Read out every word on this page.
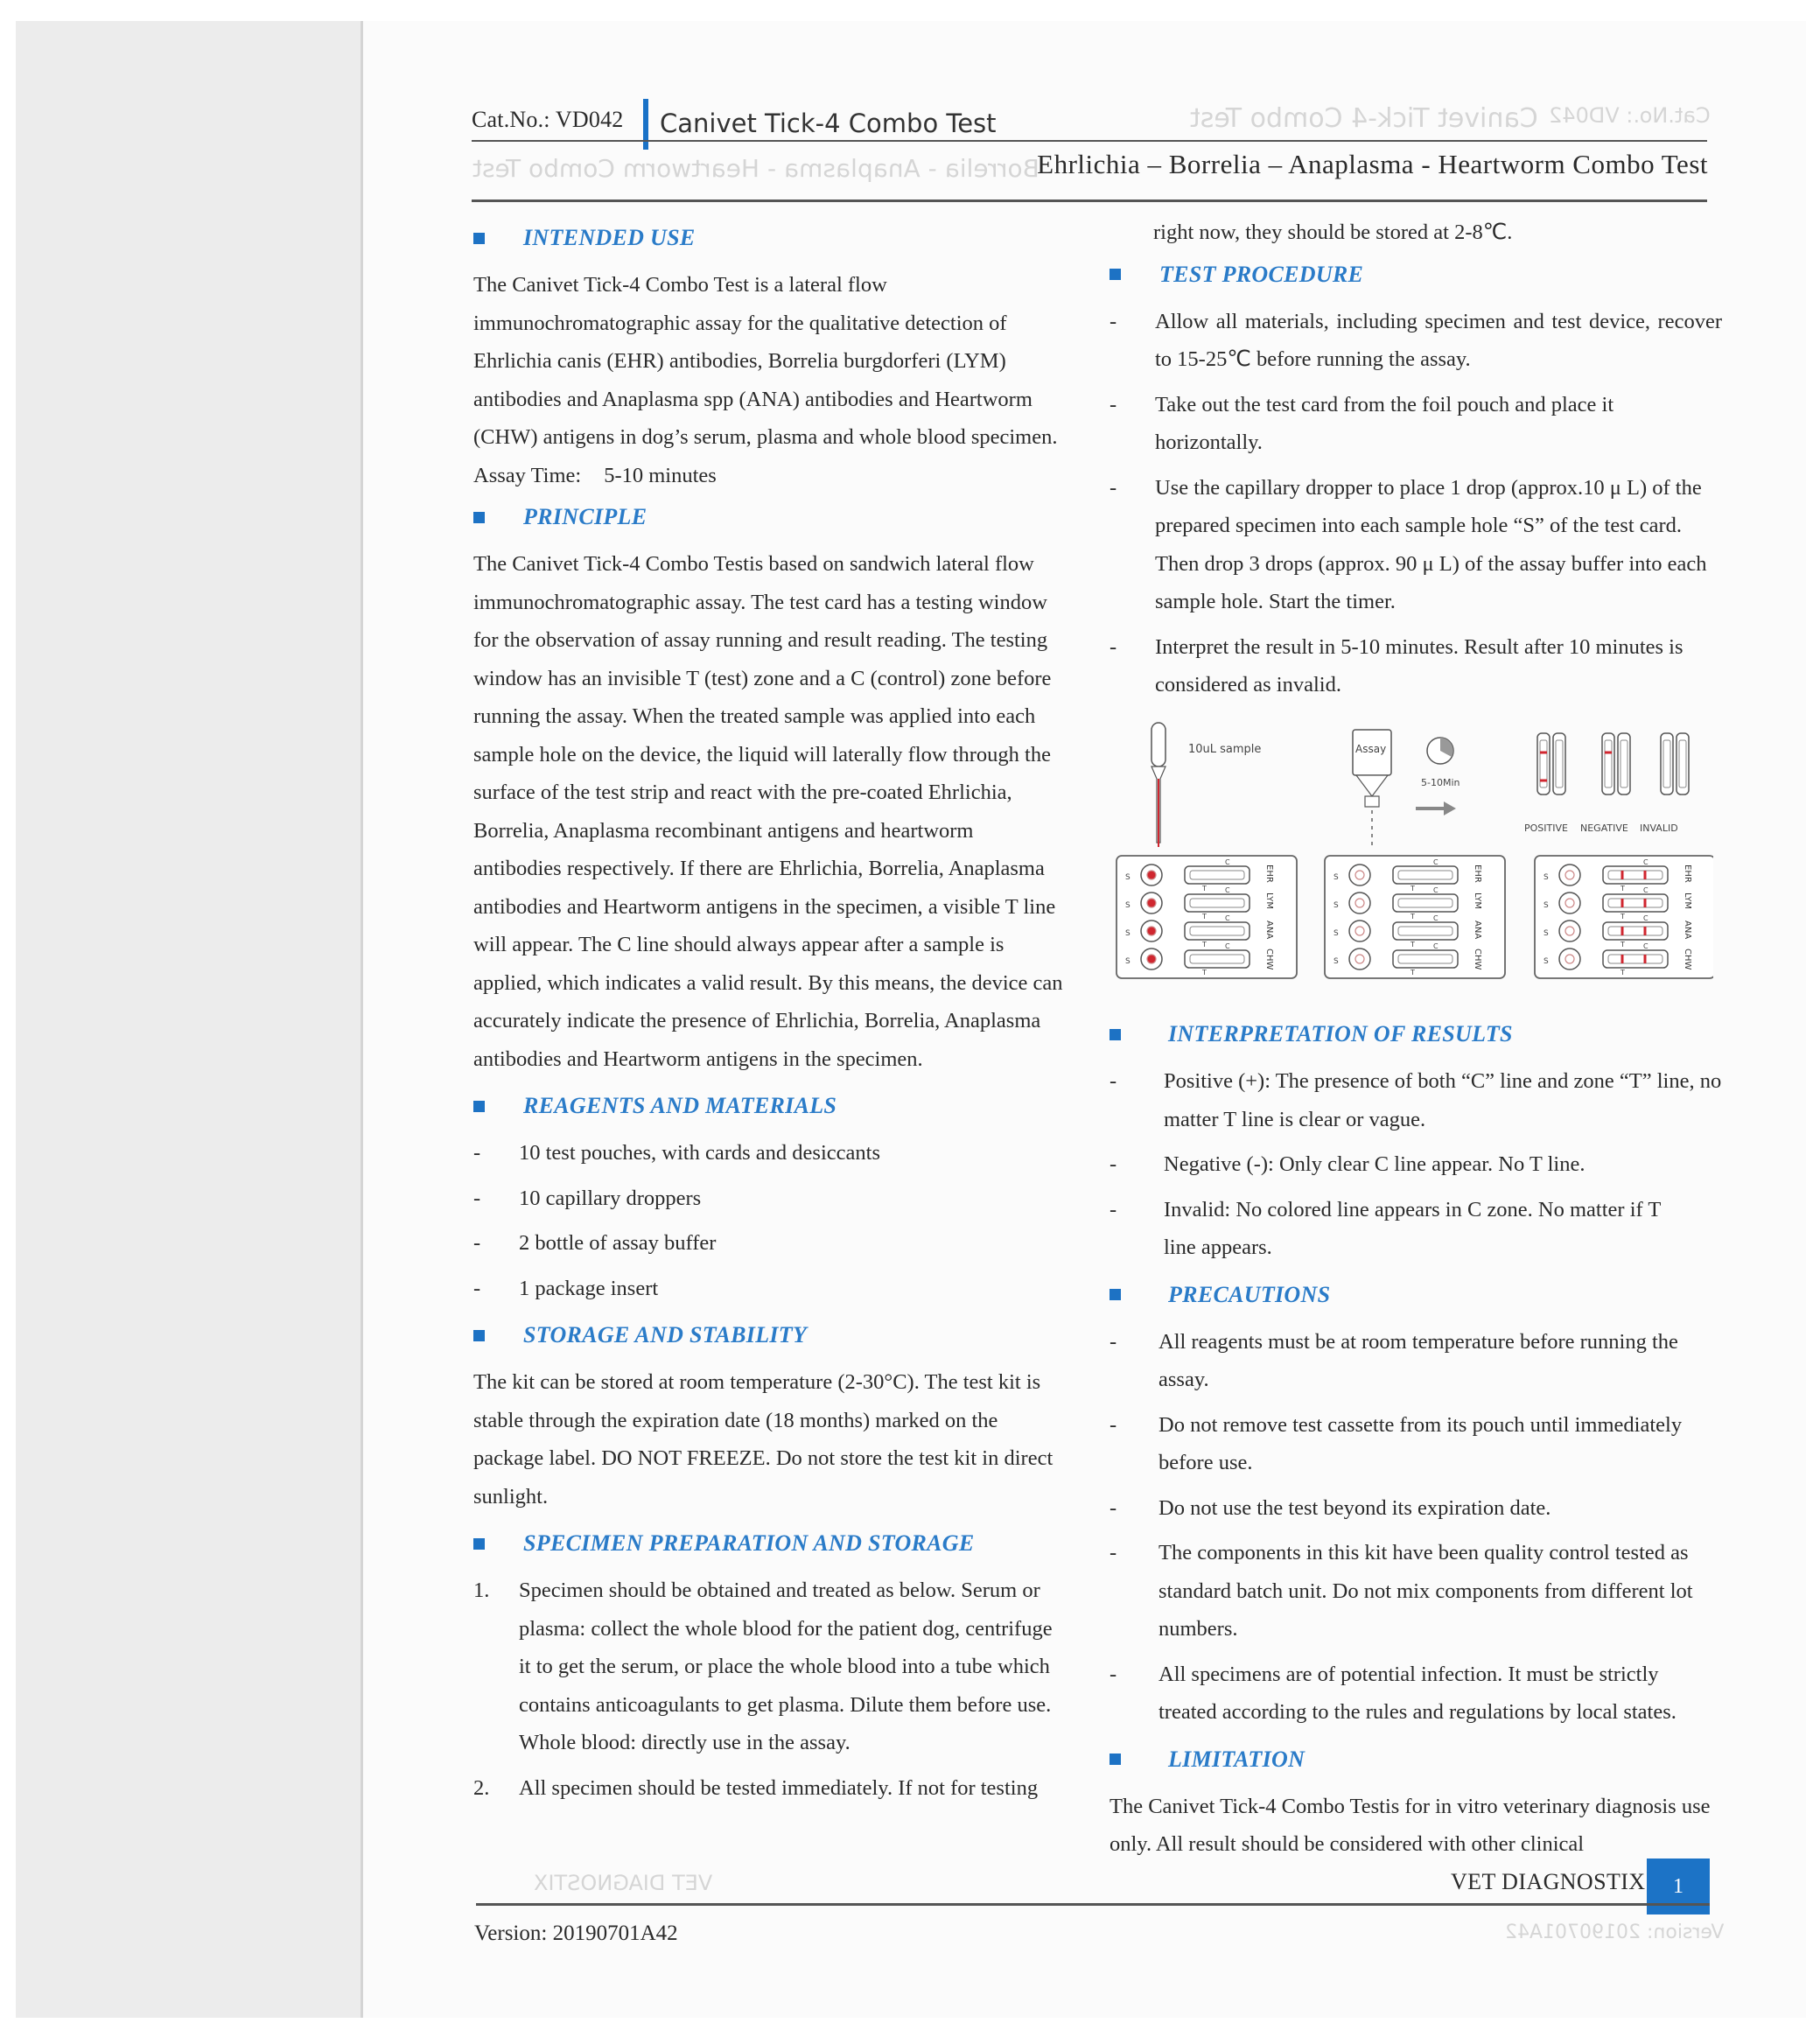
Canivet Tick-4 Combo Test Cat.No.: VD042
Borrelia - Anaplasma - Heartworm Combo Test
Cat.No.: VD042 Canivet Tick-4 Combo Test
Ehrlichia – Borrelia – Anaplasma - Heartworm Combo Test
INTENDED USE

The Canivet Tick-4 Combo Test is a lateral flow immunochromatographic assay for the qualitative detection of Ehrlichia canis (EHR) antibodies, Borrelia burgdorferi (LYM) antibodies and Anaplasma spp (ANA) antibodies and Heartworm (CHW) antigens in dog’s serum, plasma and whole blood specimen.

Assay Time: 5-10 minutes

PRINCIPLE

The Canivet Tick-4 Combo Testis based on sandwich lateral flow immunochromatographic assay. The test card has a testing window for the observation of assay running and result reading. The testing window has an invisible T (test) zone and a C (control) zone before running the assay. When the treated sample was applied into each sample hole on the device, the liquid will laterally flow through the surface of the test strip and react with the pre-coated Ehrlichia, Borrelia, Anaplasma recombinant antigens and heartworm antibodies respectively. If there are Ehrlichia, Borrelia, Anaplasma antibodies and Heartworm antigens in the specimen, a visible T line will appear. The C line should always appear after a sample is applied, which indicates a valid result. By this means, the device can accurately indicate the presence of Ehrlichia, Borrelia, Anaplasma antibodies and Heartworm antigens in the specimen.

REAGENTS AND MATERIALS
-	10 test pouches, with cards and desiccants
-	10 capillary droppers
-	2 bottle of assay buffer
-	1 package insert
STORAGE AND STABILITY

The kit can be stored at room temperature (2-30°C). The test kit is stable through the expiration date (18 months) marked on the package label. DO NOT FREEZE. Do not store the test kit in direct sunlight.

SPECIMEN PREPARATION AND STORAGE
1.	Specimen should be obtained and treated as below. Serum or plasma: collect the whole blood for the patient dog, centrifuge it to get the serum, or place the whole blood into a tube which contains anticoagulants to get plasma. Dilute them before use. Whole blood: directly use in the assay.
2.	All specimen should be tested immediately. If not for testing

right now, they should be stored at 2-8℃.

TEST PROCEDURE
-	Allow all materials, including specimen and test device, recover to 15-25℃ before running the assay.
-	Take out the test card from the foil pouch and place it horizontally.
-	Use the capillary dropper to place 1 drop (approx.10 μ L) of the prepared specimen into each sample hole “S” of the test card. Then drop 3 drops (approx. 90 μ L) of the assay buffer into each sample hole. Start the timer.
-	Interpret the result in 5-10 minutes. Result after 10 minutes is considered as invalid.
10uL sample	Assay
5-10Min
POSITIVE NEGATIVE INVALID
S
C
T
EHR
S
C
T
LYM
S
C
T
ANA
S
C
T
CHW
S
C
T
EHR
S
C
T
LYM
S
C
T
ANA
S
C
T
CHW
S
C
T
EHR
S
C
T
LYM
S
C
T
ANA
S
C
T
CHW
INTERPRETATION OF RESULTS
-	Positive (+): The presence of both “C” line and zone “T” line, no matter T line is clear or vague.
-	Negative (-): Only clear C line appear. No T line.
-	Invalid: No colored line appears in C zone. No matter if T line appears.
PRECAUTIONS
-	All reagents must be at room temperature before running the assay.
-	Do not remove test cassette from its pouch until immediately before use.
-	Do not use the test beyond its expiration date.
-	The components in this kit have been quality control tested as standard batch unit. Do not mix components from different lot numbers.
-	All specimens are of potential infection. It must be strictly treated according to the rules and regulations by local states.
LIMITATION

The Canivet Tick-4 Combo Testis for in vitro veterinary diagnosis use only. All result should be considered with other clinical

VET DIAGNOSTIX	1
VET DIAGNOSTIX
Version: 20190701A42
Version: 20190701A42
